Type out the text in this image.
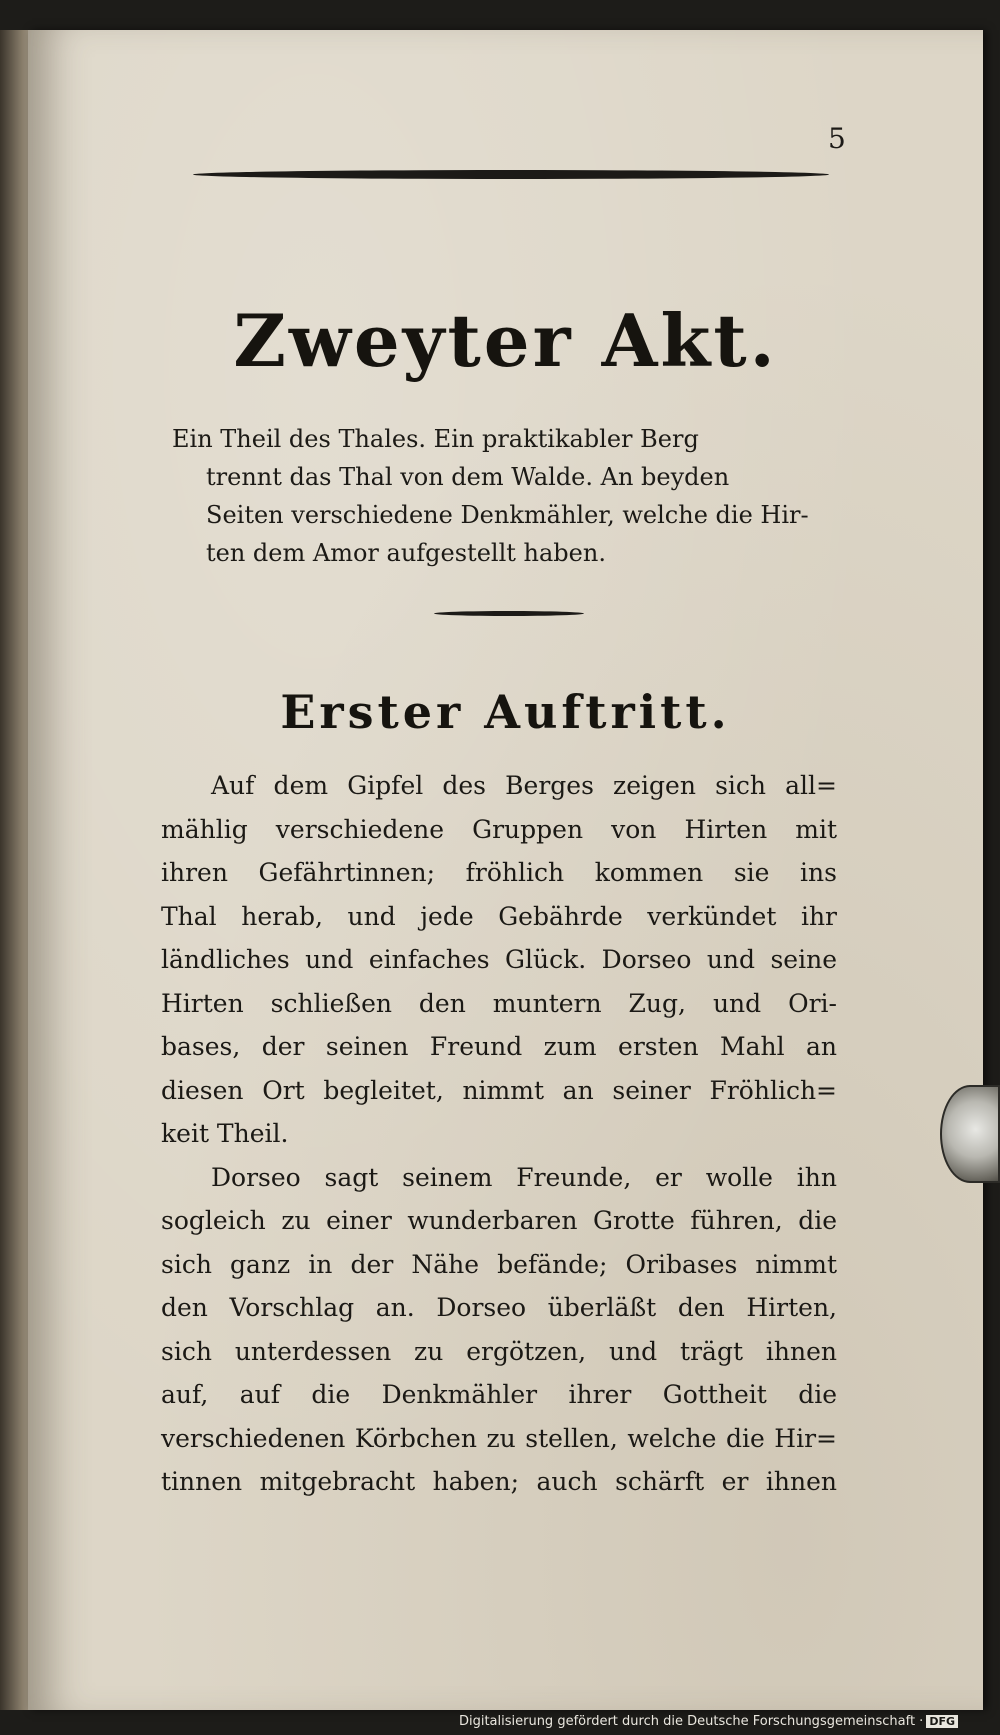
5
Zweyter Akt.
Ein Theil des Thales. Ein praktikabler Berg
trennt das Thal von dem Walde. An beyden
Seiten verschiedene Denkmähler, welche die Hir-
ten dem Amor aufgestellt haben.
Erster Auftritt.
Auf dem Gipfel des Berges zeigen sich all=
mählig verschiedene Gruppen von Hirten mit
ihren Gefährtinnen; fröhlich kommen sie ins
Thal herab, und jede Gebährde verkündet ihr
ländliches und einfaches Glück. Dorseo und seine
Hirten schließen den muntern Zug, und Ori-
bases, der seinen Freund zum ersten Mahl an
diesen Ort begleitet, nimmt an seiner Fröhlich=
keit Theil.
Dorseo sagt seinem Freunde, er wolle ihn
sogleich zu einer wunderbaren Grotte führen, die
sich ganz in der Nähe befände; Oribases nimmt
den Vorschlag an. Dorseo überläßt den Hirten,
sich unterdessen zu ergötzen, und trägt ihnen
auf, auf die Denkmähler ihrer Gottheit die
verschiedenen Körbchen zu stellen, welche die Hir=
tinnen mitgebracht haben; auch schärft er ihnen
Digitalisierung gefördert durch die Deutsche Forschungsgemeinschaft · DFG
